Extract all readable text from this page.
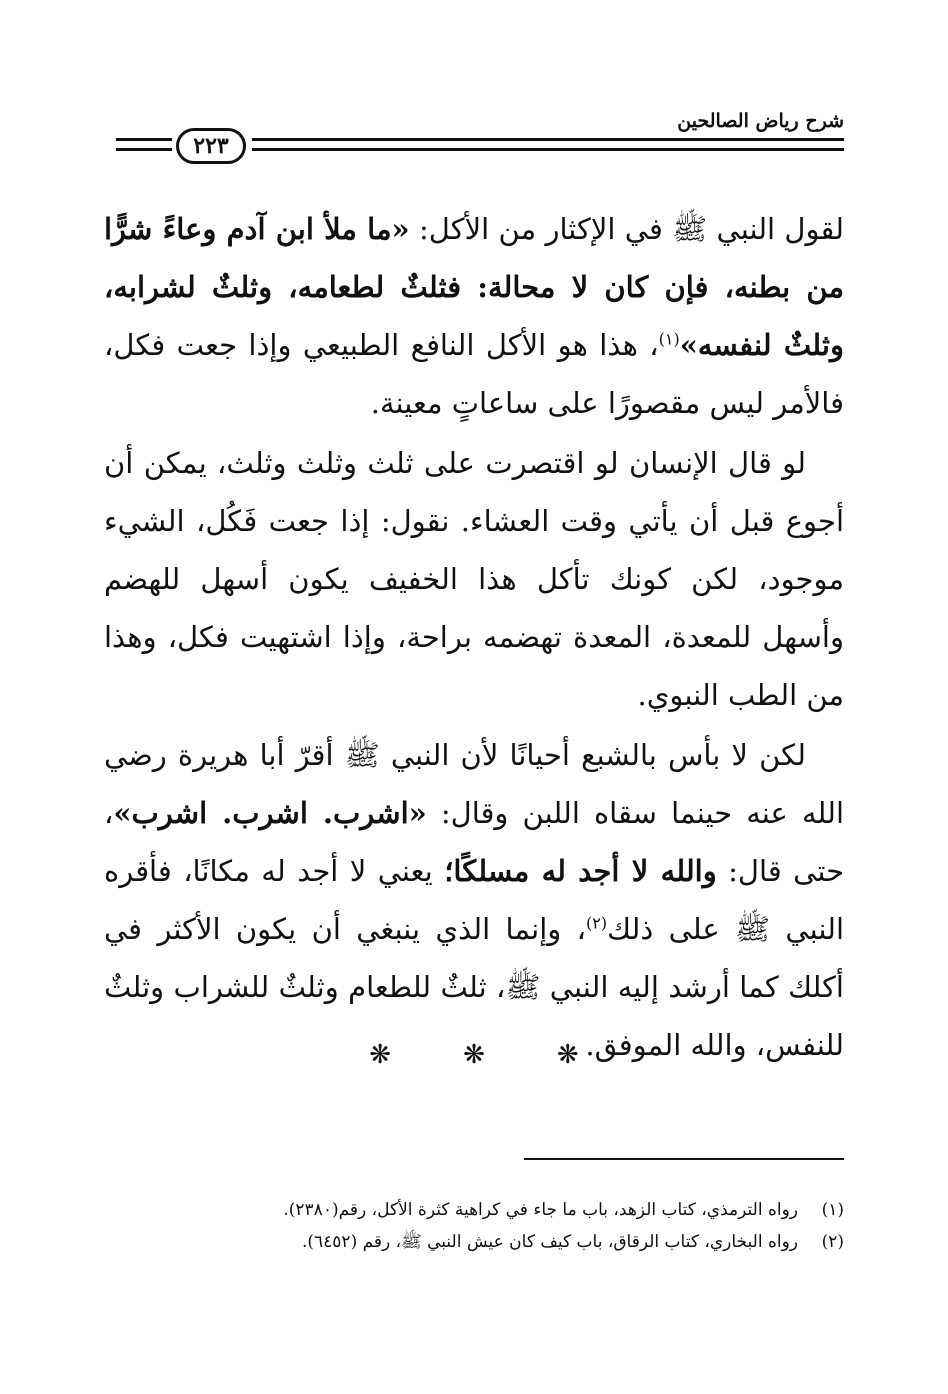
شرح رياض الصالحين
٢٢٣

لقول النبي ﷺ في الإكثار من الأكل: «ما ملأ ابن آدم وعاءً شرًّا من بطنه، فإن كان لا محالة: فثلثٌ لطعامه، وثلثٌ لشرابه، وثلثٌ لنفسه»$^{(١)}$، هذا هو الأكل النافع الطبيعي وإذا جعت فكل، فالأمر ليس مقصورًا على ساعاتٍ معينة.

لو قال الإنسان لو اقتصرت على ثلث وثلث وثلث، يمكن أن أجوع قبل أن يأتي وقت العشاء. نقول: إذا جعت فَكُل، الشيء موجود، لكن كونك تأكل هذا الخفيف يكون أسهل للهضم وأسهل للمعدة، المعدة تهضمه براحة، وإذا اشتهيت فكل، وهذا من الطب النبوي.

لكن لا بأس بالشبع أحيانًا لأن النبي ﷺ أقرّ أبا هريرة رضي الله عنه حينما سقاه اللبن وقال: «اشرب. اشرب. اشرب»، حتى قال: والله لا أجد له مسلكًا؛ يعني لا أجد له مكانًا، فأقره النبي ﷺ على ذلك$^{(٢)}$، وإنما الذي ينبغي أن يكون الأكثر في أكلك كما أرشد إليه النبي ﷺ، ثلثٌ للطعام وثلثٌ للشراب وثلثٌ للنفس، والله الموفق.

❋	❋	❋
(١)
رواه الترمذي، كتاب الزهد، باب ما جاء في كراهية كثرة الأكل، رقم(٢٣٨٠).
(٢)
رواه البخاري، كتاب الرقاق، باب كيف كان عيش النبي ﷺ، رقم (٦٤٥٢).
